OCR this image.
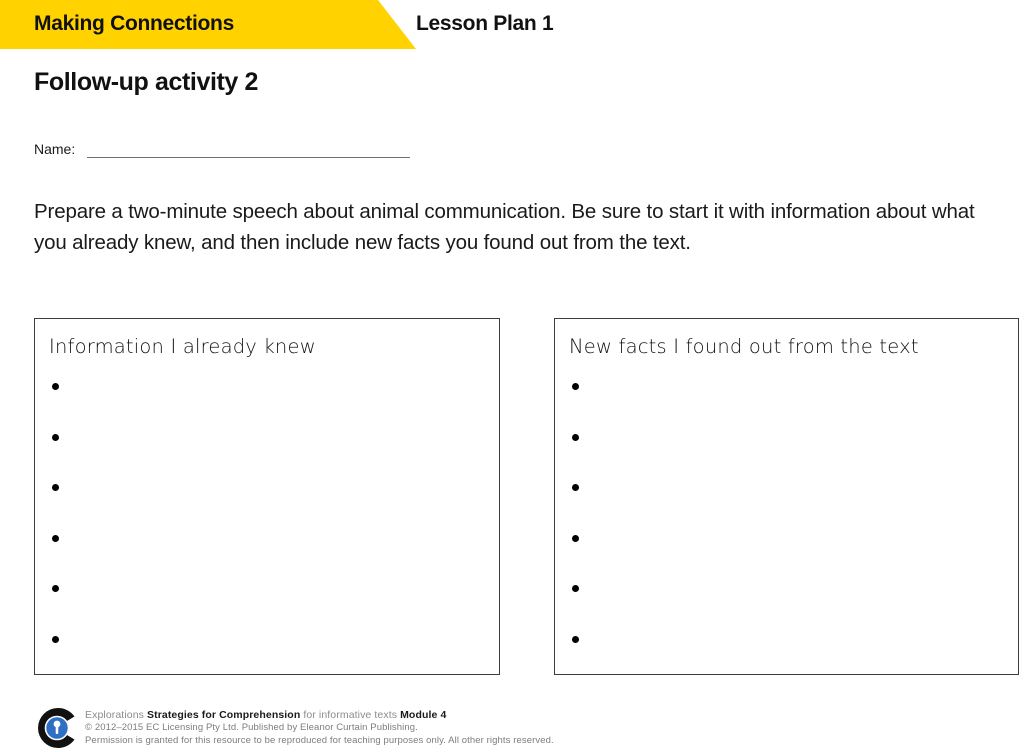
Making Connections	Lesson Plan 1
Follow-up activity 2
Name:
Prepare a two-minute speech about animal communication. Be sure to start it with information about what you already knew, and then include new facts you found out from the text.
Information I already knew	New facts I found out from the text
Explorations Strategies for Comprehension for informative texts Module 4
© 2012–2015 EC Licensing Pty Ltd. Published by Eleanor Curtain Publishing.
Permission is granted for this resource to be reproduced for teaching purposes only. All other rights reserved.
